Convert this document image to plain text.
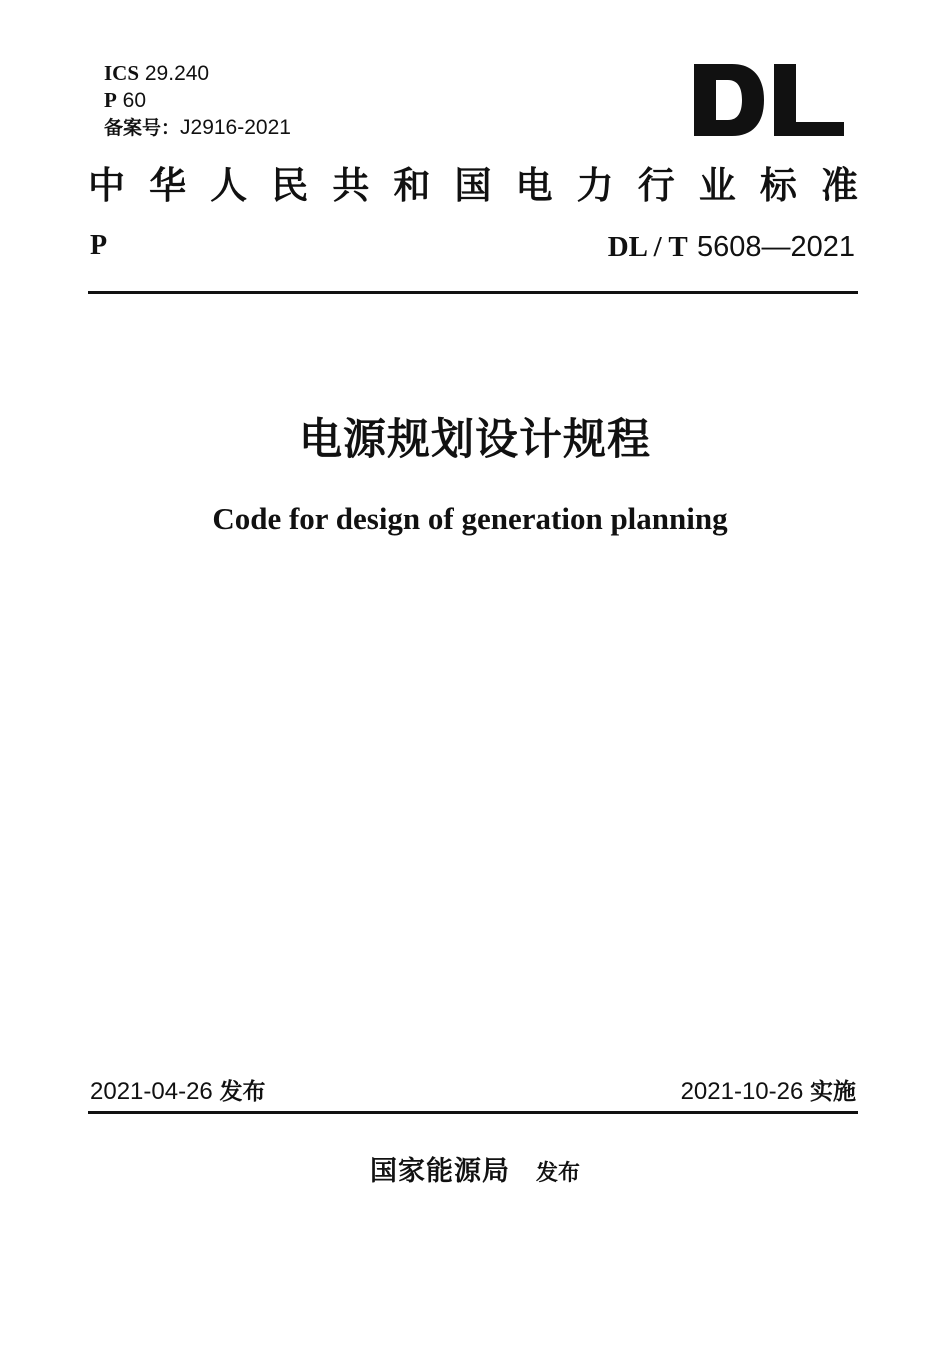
ICS 29.240
P 60
备案号：J2916-2021
中 华 人 民 共 和 国 电 力 行 业 标 准
P	DL / T 5608—2021
电源规划设计规程
Code for design of generation planning
2021-04-26 发布	2021-10-26 实施
国家能源局 发布
